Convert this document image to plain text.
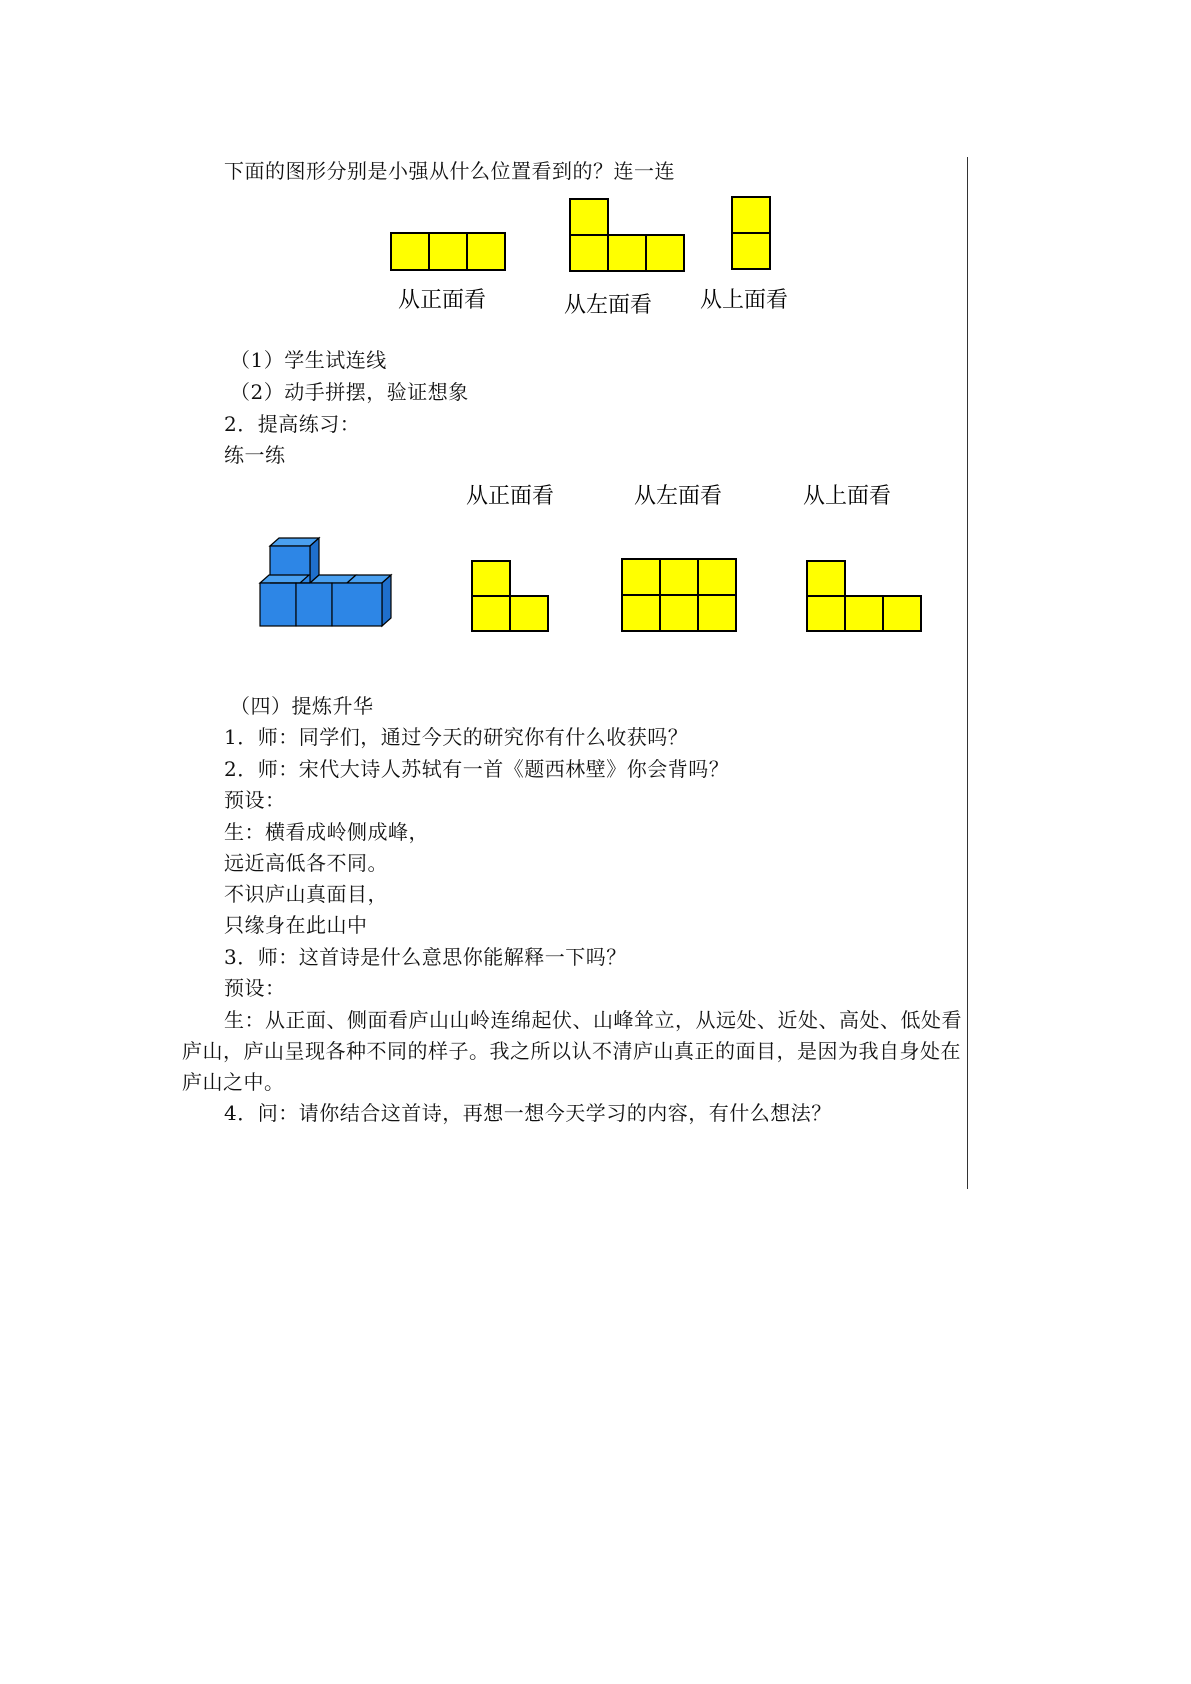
下面的图形分别是小强从什么位置看到的？连一连
从正面看	从左面看 从上面看
（1）学生试连线
（2）动手拼摆，验证想象
2．提高练习：
练一练
从正面看	从左面看	从上面看
（四）提炼升华
1．师：同学们，通过今天的研究你有什么收获吗？
2．师：宋代大诗人苏轼有一首《题西林壁》你会背吗？
预设：
生：横看成岭侧成峰，
远近高低各不同。
不识庐山真面目，
只缘身在此山中
3．师：这首诗是什么意思你能解释一下吗？
预设：
生：从正面、侧面看庐山山岭连绵起伏、山峰耸立，从远处、近处、高处、低处看庐山，庐山呈现各种不同的样子。我之所以认不清庐山真正的面目，是因为我自身处在庐山之中。
4．问：请你结合这首诗，再想一想今天学习的内容，有什么想法？
